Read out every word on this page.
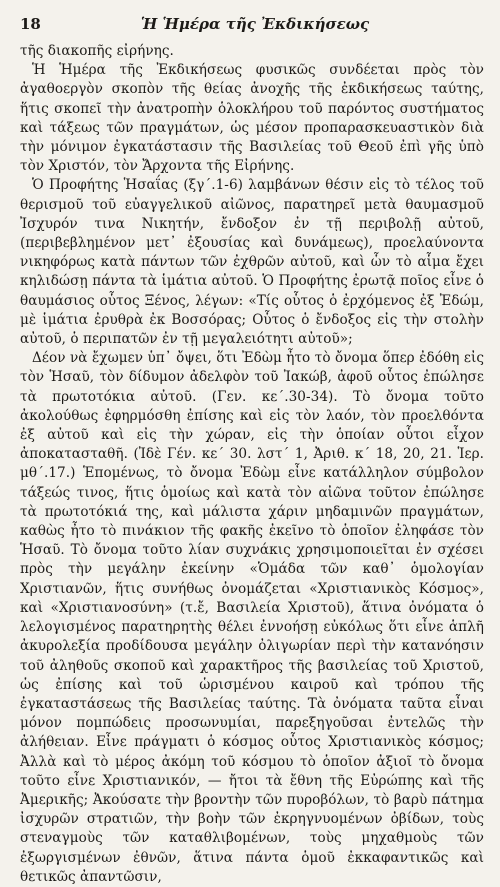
18	Ἡ Ἡμέρα τῆς Ἐκδικήσεως

τῆς διακοπῆς εἰρήνης.

Ἡ Ἡμέρα τῆς Ἐκδικήσεως φυσικῶς συνδέεται πρὸς τὸν ἀγαθοεργὸν σκοπὸν τῆς θείας ἀνοχῆς τῆς ἐκδικήσεως ταύτης, ἥτις σκοπεῖ τὴν ἀνατροπὴν ὁλοκλήρου τοῦ παρόντος συστήματος καὶ τάξεως τῶν πραγμάτων, ὡς μέσον προπαρασκευαστικὸν διὰ τὴν μόνιμον ἐγκατάστασιν τῆς Βασιλείας τοῦ Θεοῦ ἐπὶ γῆς ὑπὸ τὸν Χριστόν, τὸν Ἄρχοντα τῆς Εἰρήνης.

Ὁ Προφήτης Ἡσαΐας (ξγ΄.1-6) λαμβάνων θέσιν εἰς τὸ τέλος τοῦ θερισμοῦ τοῦ εὐαγγελικοῦ αἰῶνος, παρατηρεῖ μετὰ θαυμασμοῦ Ἰσχυρόν τινα Νικητήν, ἔνδοξον ἐν τῇ περιβολῇ αὐτοῦ, (περιβεβλημένον μετ᾽ ἐξουσίας καὶ δυνάμεως), προελαύνοντα νικηφόρως κατὰ πάντων τῶν ἐχθρῶν αὐτοῦ, καὶ ὧν τὸ αἷμα ἔχει κηλιδώσῃ πάντα τὰ ἱμάτια αὐτοῦ. Ὁ Προφήτης ἐρωτᾷ ποῖος εἶνε ὁ θαυμάσιος οὗτος Ξένος, λέγων: «Τίς οὗτος ὁ ἐρχόμενος ἐξ Ἐδώμ, μὲ ἱμάτια ἐρυθρὰ ἐκ Βοσσόρας; Οὗτος ὁ ἔνδοξος εἰς τὴν στολὴν αὐτοῦ, ὁ περιπατῶν ἐν τῇ μεγαλειότητι αὐτοῦ»;

Δέον νὰ ἔχωμεν ὑπ᾽ ὄψει, ὅτι Ἐδὼμ ἦτο τὸ ὄνομα ὅπερ ἐδόθη εἰς τὸν Ἡσαῦ, τὸν δίδυμον ἀδελφὸν τοῦ Ἰακώβ, ἀφοῦ οὗτος ἐπώλησε τὰ πρωτοτόκια αὐτοῦ. (Γεν. κε΄.30-34). Τὸ ὄνομα τοῦτο ἀκολούθως ἐφηρμόσθη ἐπίσης καὶ εἰς τὸν λαόν, τὸν προελθόντα ἐξ αὐτοῦ καὶ εἰς τὴν χώραν, εἰς τὴν ὁποίαν οὗτοι εἶχον ἀποκατασταθῆ. (Ἰδὲ Γέν. κε΄ 30. λστ΄ 1, Ἀριθ. κ΄ 18, 20, 21. Ἱερ. μθ΄.17.) Ἑπομένως, τὸ ὄνομα Ἐδὼμ εἶνε κατάλληλον σύμβολον τάξεώς τινος, ἥτις ὁμοίως καὶ κατὰ τὸν αἰῶνα τοῦτον ἐπώλησε τὰ πρωτοτόκιά της, καὶ μάλιστα χάριν μηδαμινῶν πραγμάτων, καθὼς ἦτο τὸ πινάκιον τῆς φακῆς ἐκεῖνο τὸ ὁποῖον ἐληφάσε τὸν Ἡσαῦ. Τὸ ὄνομα τοῦτο λίαν συχνάκις χρησιμοποιεῖται ἐν σχέσει πρὸς τὴν μεγάλην ἐκείνην «Ὁμάδα τῶν καθ᾽ ὁμολογίαν Χριστιανῶν, ἥτις συνήθως ὀνομάζεται «Χριστιανικὸς Κόσμος», καὶ «Χριστιανοσύνη» (τ.ἔ, Βασιλεία Χριστοῦ), ἅτινα ὀνόματα ὁ λελογισμένος παρατηρητὴς θέλει ἐννοήσῃ εὐκόλως ὅτι εἶνε ἁπλῆ ἀκυρολεξία προδίδουσα μεγάλην ὀλιγωρίαν περὶ τὴν κατανόησιν τοῦ ἀληθοῦς σκοποῦ καὶ χαρακτῆρος τῆς βασιλείας τοῦ Χριστοῦ, ὡς ἐπίσης καὶ τοῦ ὡρισμένου καιροῦ καὶ τρόπου τῆς ἐγκαταστάσεως τῆς Βασιλείας ταύτης. Τὰ ὀνόματα ταῦτα εἶναι μόνον πομπώδεις προσωνυμίαι, παρεξηγοῦσαι ἐντελῶς τὴν ἀλήθειαν. Εἶνε πράγματι ὁ κόσμος οὗτος Χριστιανικὸς κόσμος; Ἀλλὰ καὶ τὸ μέρος ἀκόμη τοῦ κόσμου τὸ ὁποῖον ἀξιοῖ τὸ ὄνομα τοῦτο εἶνε Χριστιανικόν, — ἤτοι τὰ ἔθνη τῆς Εὐρώπης καὶ τῆς Ἀμερικῆς; Ἀκούσατε τὴν βροντὴν τῶν πυροβόλων, τὸ βαρὺ πάτημα ἰσχυρῶν στρατιῶν, τὴν βοὴν τῶν ἐκρηγνυομένων ὀβίδων, τοὺς στεναγμοὺς τῶν καταθλιβομένων, τοὺς μηχαθμοὺς τῶν ἐξωργισμένων ἐθνῶν, ἅτινα πάντα ὁμοῦ ἐκκαφαντικῶς καὶ θετικῶς ἀπαντῶσιν,
